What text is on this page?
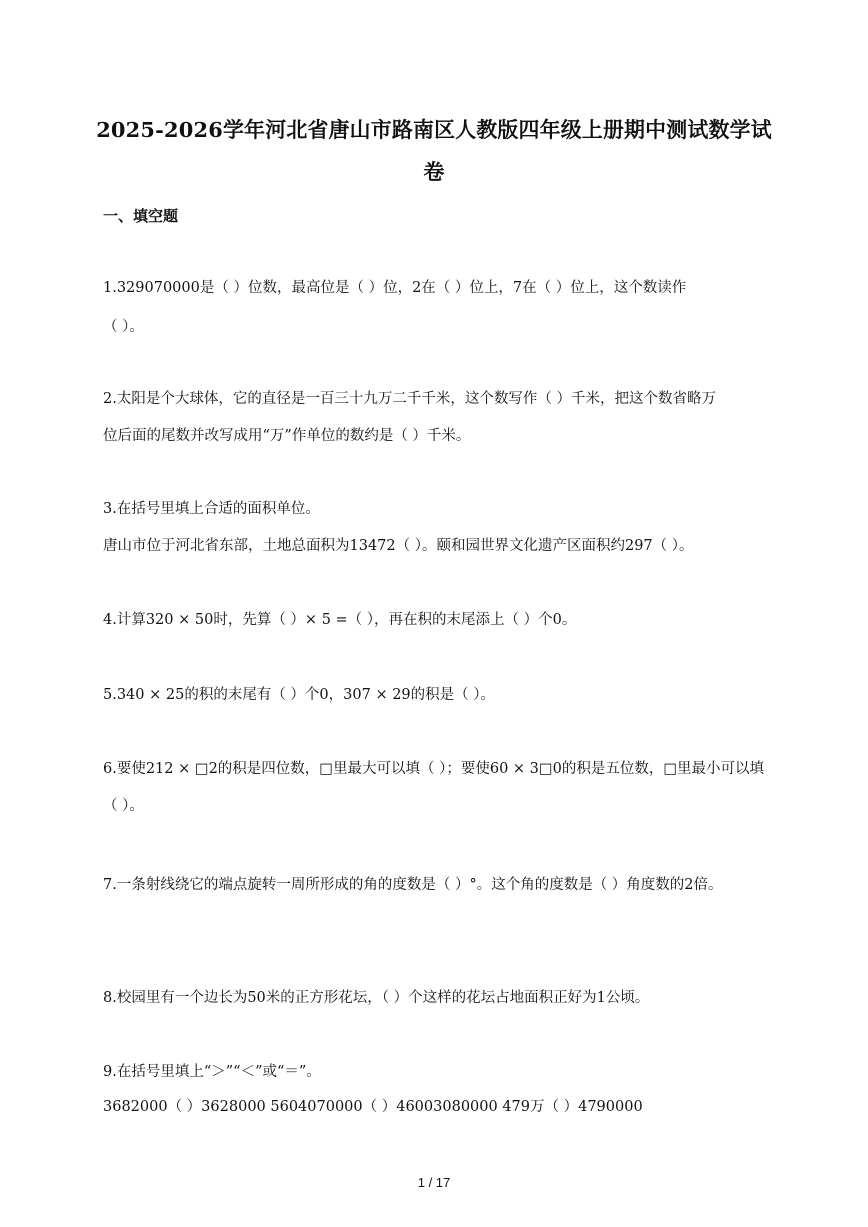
2025-2026学年河北省唐山市路南区人教版四年级上册期中测试数学试
卷
一、填空题
1.329070000是（ ）位数，最高位是（ ）位，2在（ ）位上，7在（ ）位上，这个数读作
（ ）。
2.太阳是个大球体，它的直径是一百三十九万二千千米，这个数写作（ ）千米，把这个数省略万
位后面的尾数并改写成用“万”作单位的数约是（ ）千米。
3.在括号里填上合适的面积单位。
唐山市位于河北省东部，土地总面积为13472（ ）。颐和园世界文化遗产区面积约297（ ）。
4.计算320 × 50时，先算（ ）× 5 =（ ），再在积的末尾添上（ ）个0。
5.340 × 25的积的末尾有（ ）个0，307 × 29的积是（ ）。
6.要使212 × □2的积是四位数，□里最大可以填（ ）；要使60 × 3□0的积是五位数，□里最小可以填
（ ）。
7.一条射线绕它的端点旋转一周所形成的角的度数是（ ）°。这个角的度数是（ ）角度数的2倍。
8.校园里有一个边长为50米的正方形花坛，（ ）个这样的花坛占地面积正好为1公顷。
9.在括号里填上“＞”“＜”或“＝”。
3682000（ ）3628000 5604070000（ ）46003080000 479万（ ）4790000
1 / 17
